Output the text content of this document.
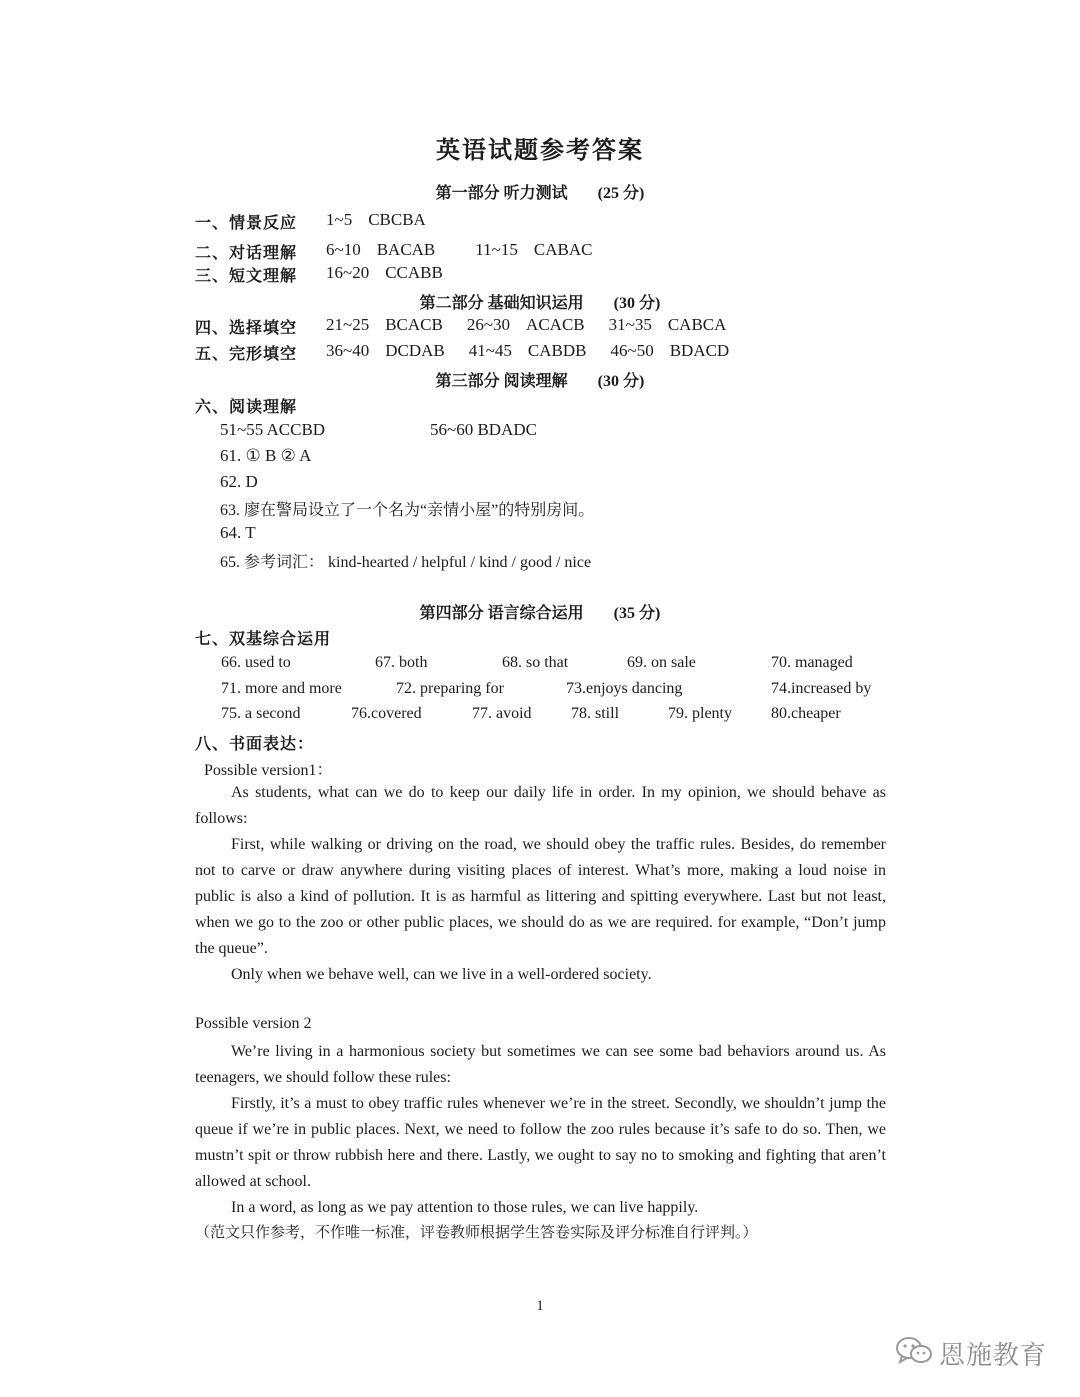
英语试题参考答案
第一部分 听力测试 (25 分)
一、情景反应 1~5 CBCBA
二、对话理解 6~10 BACAB 11~15 CABAC
三、短文理解 16~20 CCABB
第二部分 基础知识运用 (30 分)
四、选择填空 21~25 BCACB 26~30 ACACB 31~35 CABCA
五、完形填空 36~40 DCDAB 41~45 CABDB 46~50 BDACD
第三部分 阅读理解 (30 分)
六、阅读理解
51~55 ACCBD	56~60 BDADC
61. ① B ② A
62. D
63. 廖在警局设立了一个名为“亲情小屋”的特别房间。
64. T
65. 参考词汇： kind-hearted / helpful / kind / good / nice
第四部分 语言综合运用 (35 分)
七、双基综合运用
66. used to	67. both	68. so that	69. on sale	70. managed
71. more and more	72. preparing for	73.enjoys dancing	74.increased by
75. a second	76.covered	77. avoid 78. still	79. plenty 80.cheaper
八、书面表达：
Possible version1：
As students, what can we do to keep our daily life in order. In my opinion, we should behave as follows:
First, while walking or driving on the road, we should obey the traffic rules. Besides, do remember not to carve or draw anywhere during visiting places of interest. What’s more, making a loud noise in public is also a kind of pollution. It is as harmful as littering and spitting everywhere. Last but not least, when we go to the zoo or other public places, we should do as we are required. for example, “Don’t jump the queue”.
Only when we behave well, can we live in a well-ordered society.
Possible version 2
We’re living in a harmonious society but sometimes we can see some bad behaviors around us. As teenagers, we should follow these rules:
Firstly, it’s a must to obey traffic rules whenever we’re in the street. Secondly, we shouldn’t jump the queue if we’re in public places. Next, we need to follow the zoo rules because it’s safe to do so. Then, we mustn’t spit or throw rubbish here and there. Lastly, we ought to say no to smoking and fighting that aren’t allowed at school.
In a word, as long as we pay attention to those rules, we can live happily.
（范文只作参考，不作唯一标准，评卷教师根据学生答卷实际及评分标准自行评判。）
1
恩施教育
